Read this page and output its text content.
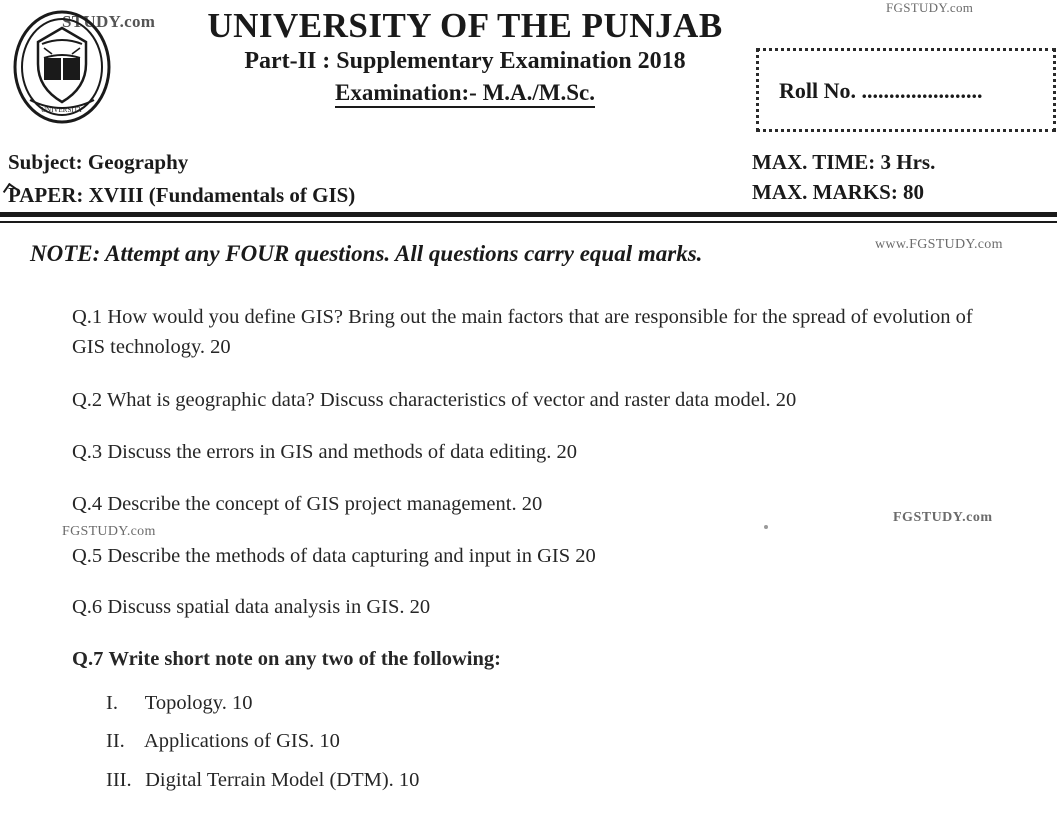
STUDY.com
FGSTUDY.com
www.FGSTUDY.com
FGSTUDY.com
FGSTUDY.com
UNIVERSITY
UNIVERSITY OF THE PUNJAB
Part-II : Supplementary Examination 2018
Examination:- M.A./M.Sc.	Roll No. ......................
Subject: Geography
PAPER: XVIII (Fundamentals of GIS)
MAX. TIME: 3 Hrs.
MAX. MARKS: 80
NOTE: Attempt any FOUR questions. All questions carry equal marks.
Q.1 How would you define GIS? Bring out the main factors that are responsible for the spread of evolution of GIS technology. 20
Q.2 What is geographic data? Discuss characteristics of vector and raster data model. 20
Q.3 Discuss the errors in GIS and methods of data editing. 20
Q.4 Describe the concept of GIS project management. 20
Q.5 Describe the methods of data capturing and input in GIS 20
Q.6 Discuss spatial data analysis in GIS. 20
Q.7 Write short note on any two of the following:
I. Topology. 10
II. Applications of GIS. 10
III. Digital Terrain Model (DTM). 10
